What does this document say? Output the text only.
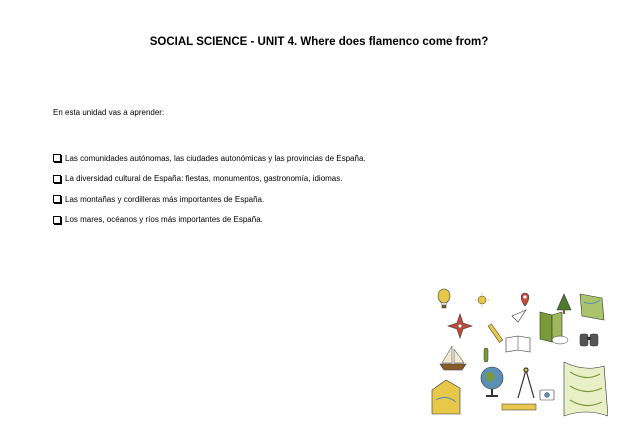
SOCIAL SCIENCE - UNIT 4. Where does flamenco come from?
En esta unidad vas a aprender:
Las comunidades autónomas, las ciudades autonómicas y las provincias de España.
La diversidad cultural de España: fiestas, monumentos, gastronomía, idiomas.
Las montañas y cordilleras más importantes de España.
Los mares, océanos y ríos más importantes de España.
